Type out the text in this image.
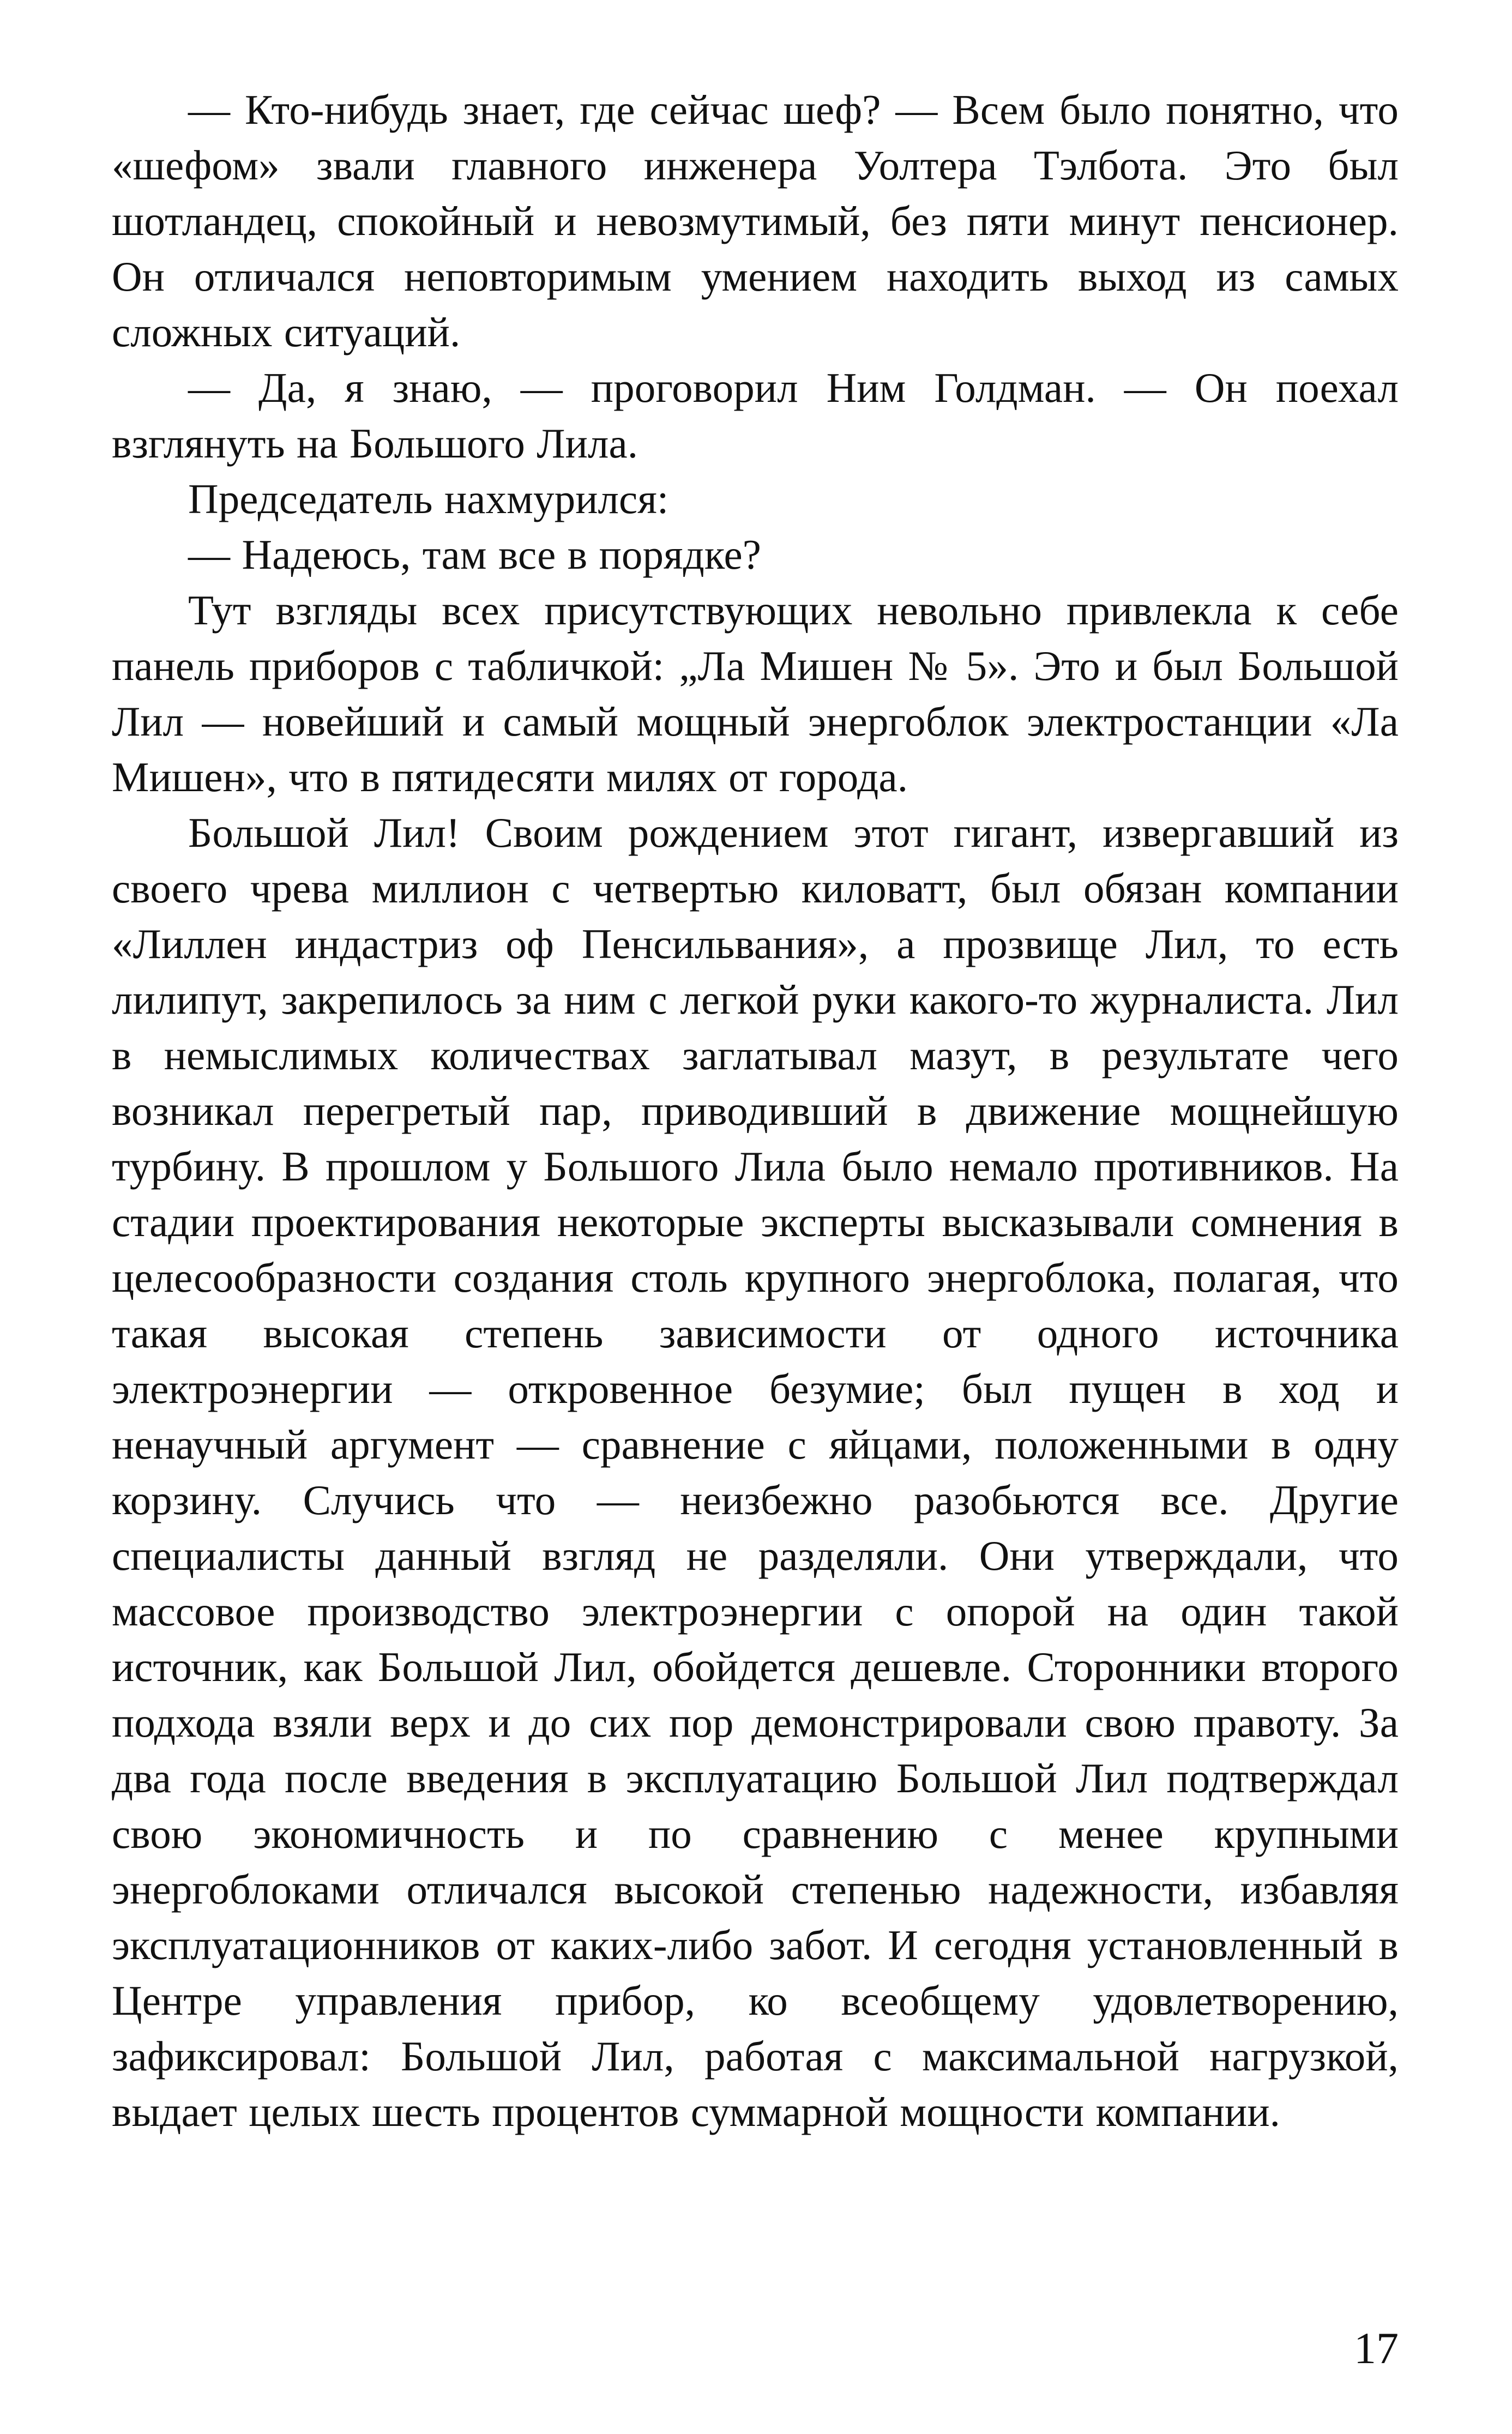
— Кто-нибудь знает, где сейчас шеф? — Всем было понятно, что «шефом» звали главного инженера Уолтера Тэлбота. Это был шотландец, спокойный и невозмутимый, без пяти минут пенсионер. Он отличался неповторимым умением находить выход из самых сложных ситуаций.

— Да, я знаю, — проговорил Ним Голдман. — Он поехал взглянуть на Большого Лила.

Председатель нахмурился:

— Надеюсь, там все в порядке?

Тут взгляды всех присутствующих невольно привлекла к себе панель приборов с табличкой: „Ла Мишен № 5». Это и был Большой Лил — новейший и самый мощный энергоблок электростанции «Ла Мишен», что в пятидесяти милях от города.

Большой Лил! Своим рождением этот гигант, извергавший из своего чрева миллион с четвертью киловатт, был обязан компании «Лиллен индастриз оф Пенсильвания», а прозвище Лил, то есть лилипут, закрепилось за ним с легкой руки какого-то журналиста. Лил в немыслимых количествах заглатывал мазут, в результате чего возникал перегретый пар, приводивший в движение мощнейшую турбину. В прошлом у Большого Лила было немало противников. На стадии проектирования некоторые эксперты высказывали сомнения в целесообразности создания столь крупного энергоблока, полагая, что такая высокая степень зависимости от одного источника электроэнергии — откровенное безумие; был пущен в ход и ненаучный аргумент — сравнение с яйцами, положенными в одну корзину. Случись что — неизбежно разобьются все. Другие специалисты данный взгляд не разделяли. Они утверждали, что массовое производство электроэнергии с опорой на один такой источник, как Большой Лил, обойдется дешевле. Сторонники второго подхода взяли верх и до сих пор демонстрировали свою правоту. За два года после введения в эксплуатацию Большой Лил подтверждал свою экономичность и по сравнению с менее крупными энергоблоками отличался высокой степенью надежности, избавляя эксплуатационников от каких-либо забот. И сегодня установленный в Центре управления прибор, ко всеобщему удовлетворению, зафиксировал: Большой Лил, работая с максимальной нагрузкой, выдает целых шесть процентов суммарной мощности компании.

17
